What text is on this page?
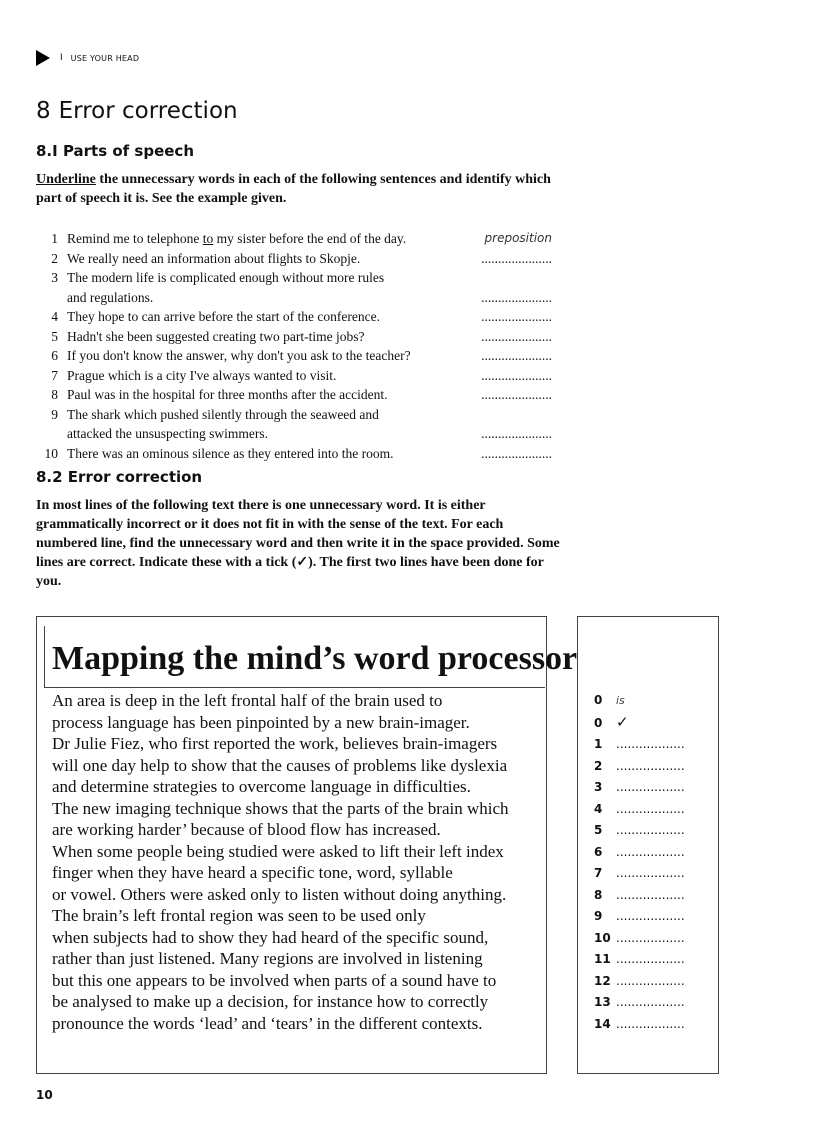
I USE YOUR HEAD
8 Error correction
8.I Parts of speech

Underline the unnecessary words in each of the following sentences and identify which part of speech it is. See the example given.

1 Remind me to telephone to my sister before the end of the day.	preposition
2 We really need an information about flights to Skopje.	.....................
3 The modern life is complicated enough without more rules
and regulations.	.....................
4 They hope to can arrive before the start of the conference.	.....................
5 Hadn't she been suggested creating two part-time jobs?	.....................
6 If you don't know the answer, why don't you ask to the teacher?	.....................
7 Prague which is a city I've always wanted to visit.	.....................
8 Paul was in the hospital for three months after the accident.	.....................
9 The shark which pushed silently through the seaweed and
attacked the unsuspecting swimmers.	.....................
10 There was an ominous silence as they entered into the room.	.....................
8.2 Error correction

In most lines of the following text there is one unnecessary word. It is either grammatically incorrect or it does not fit in with the sense of the text. For each numbered line, find the unnecessary word and then write it in the space provided. Some lines are correct. Indicate these with a tick (✓). The first two lines have been done for you.

Mapping the mind’s word processor
An area is deep in the left frontal half of the brain used to
process language has been pinpointed by a new brain-imager.
Dr Julie Fiez, who first reported the work, believes brain-imagers
will one day help to show that the causes of problems like dyslexia
and determine strategies to overcome language in difficulties.
The new imaging technique shows that the parts of the brain which
are working harder’ because of blood flow has increased.
When some people being studied were asked to lift their left index
finger when they have heard a specific tone, word, syllable
or vowel. Others were asked only to listen without doing anything.
The brain’s left frontal region was seen to be used only
when subjects had to show they had heard of the specific sound,
rather than just listened. Many regions are involved in listening
but this one appears to be involved when parts of a sound have to
be analysed to make up a decision, for instance how to correctly
pronounce the words ‘lead’ and ‘tears’ in the different contexts.
0	is
0 ✓
1	..................
2	..................
3	..................
4	..................
5	..................
6	..................
7	..................
8	..................
9	..................
10 ..................
11 ..................
12 ..................
13 ..................
14 ..................

10
